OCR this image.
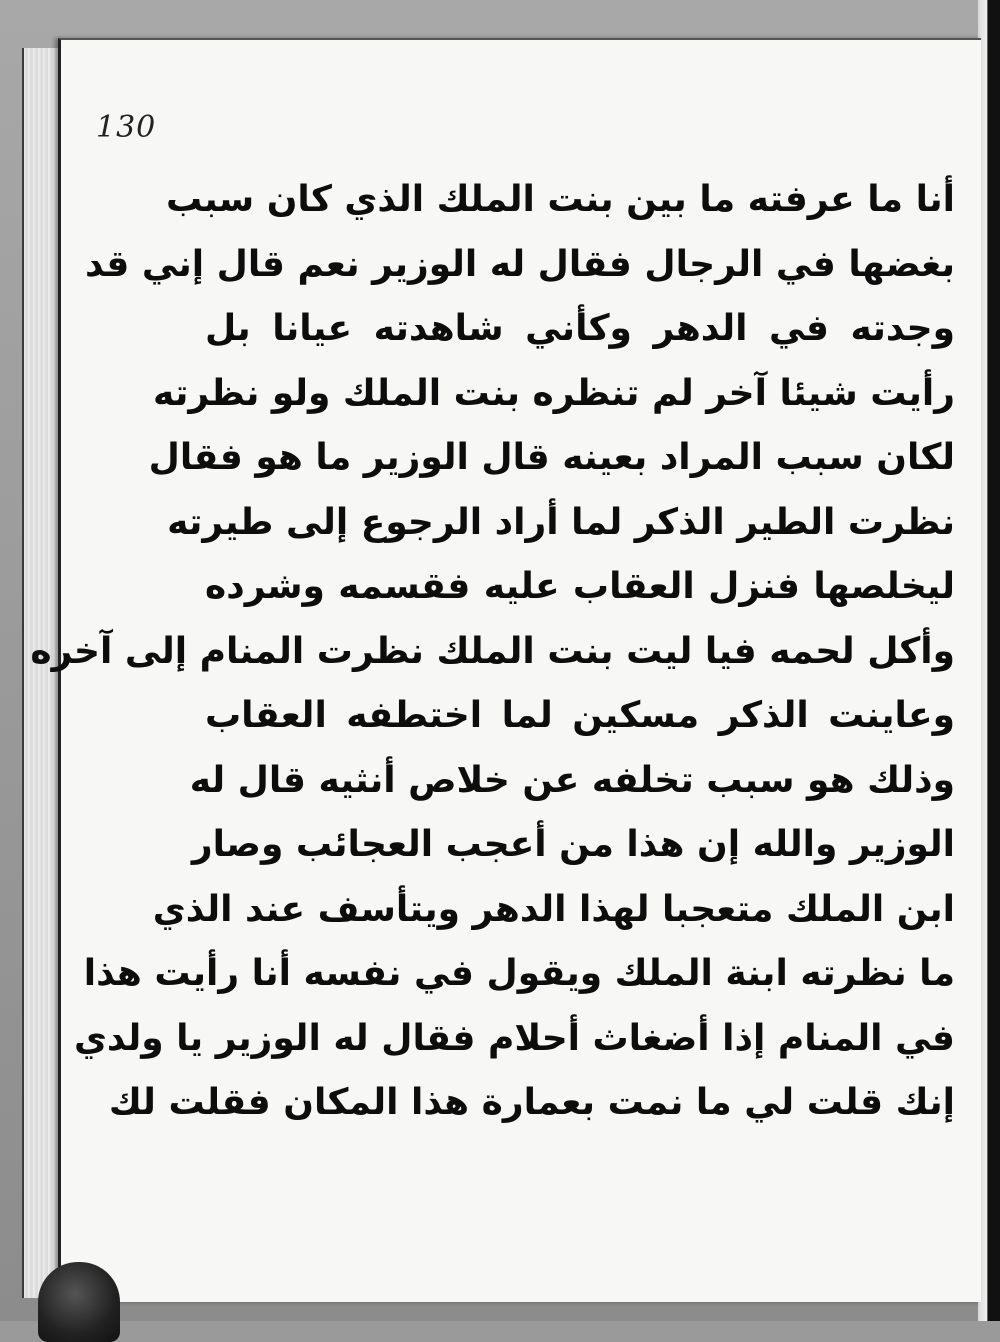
130
أنا ما عرفته ما بين بنت الملك الذي كان سبب
بغضها في الرجال فقال له الوزير نعم قال إني قد
وجدته في الدهر وكأني شاهدته عيانا بل
رأيت شيئا آخر لم تنظره بنت الملك ولو نظرته
لكان سبب المراد بعينه قال الوزير ما هو فقال
نظرت الطير الذكر لما أراد الرجوع إلى طيرته
ليخلصها فنزل العقاب عليه فقسمه وشرده
وأكل لحمه فيا ليت بنت الملك نظرت المنام إلى آخره
وعاينت الذكر مسكين لما اختطفه العقاب
وذلك هو سبب تخلفه عن خلاص أنثيه قال له
الوزير والله إن هذا من أعجب العجائب وصار
ابن الملك متعجبا لهذا الدهر ويتأسف عند الذي
ما نظرته ابنة الملك ويقول في نفسه أنا رأيت هذا
في المنام إذا أضغاث أحلام فقال له الوزير يا ولدي
إنك قلت لي ما نمت بعمارة هذا المكان فقلت لك
